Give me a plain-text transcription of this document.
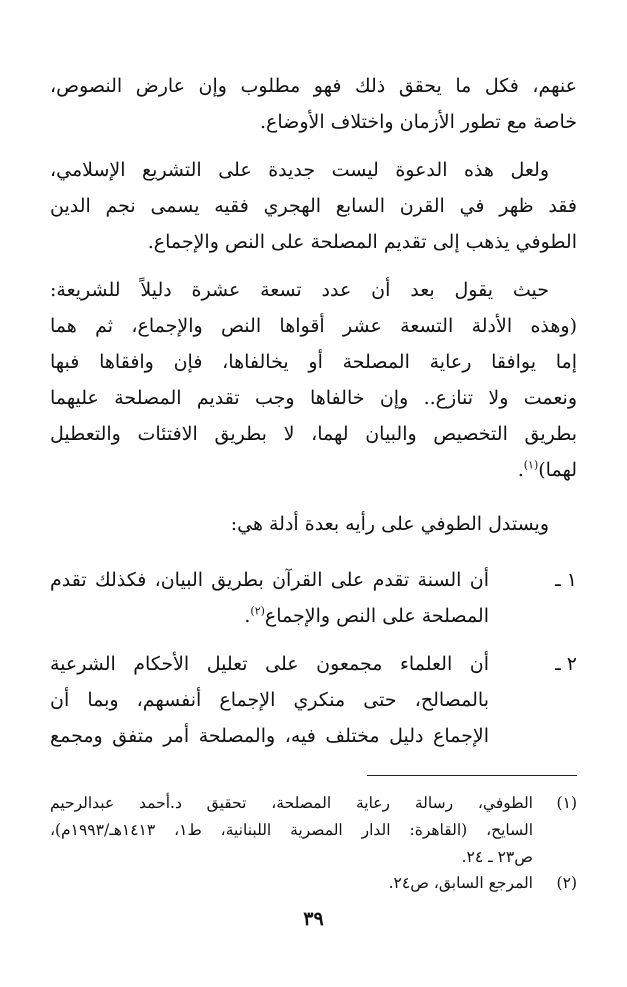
عنهم، فكل ما يحقق ذلك فهو مطلوب وإن عارض النصوص،
خاصة مع تطور الأزمان واختلاف الأوضاع.
ولعل هذه الدعوة ليست جديدة على التشريع الإسلامي،
فقد ظهر في القرن السابع الهجري فقيه يسمى نجم الدين
الطوفي يذهب إلى تقديم المصلحة على النص والإجماع.
حيث يقول بعد أن عدد تسعة عشرة دليلاً للشريعة:
(وهذه الأدلة التسعة عشر أقواها النص والإجماع، ثم هما
إما يوافقا رعاية المصلحة أو يخالفاها، فإن وافقاها فبها
ونعمت ولا تنازع.. وإن خالفاها وجب تقديم المصلحة عليهما
بطريق التخصيص والبيان لهما، لا بطريق الافتئات والتعطيل
لهما)$^{(١)}$.
ويستدل الطوفي على رأيه بعدة أدلة هي:
١ ـ
أن السنة تقدم على القرآن بطريق البيان، فكذلك تقدم
المصلحة على النص والإجماع$^{(٢)}$.
٢ ـ
أن العلماء مجمعون على تعليل الأحكام الشرعية
بالمصالح، حتى منكري الإجماع أنفسهم، وبما أن
الإجماع دليل مختلف فيه، والمصلحة أمر متفق ومجمع
(١)
الطوفي، رسالة رعاية المصلحة، تحقيق د.أحمد عبدالرحيم
السايح، (القاهرة: الدار المصرية اللبنانية، ط١، ١٤١٣هـ/١٩٩٣م)،
ص٢٣ ـ ٢٤.
(٢)
المرجع السابق، ص٢٤.
٣٩
